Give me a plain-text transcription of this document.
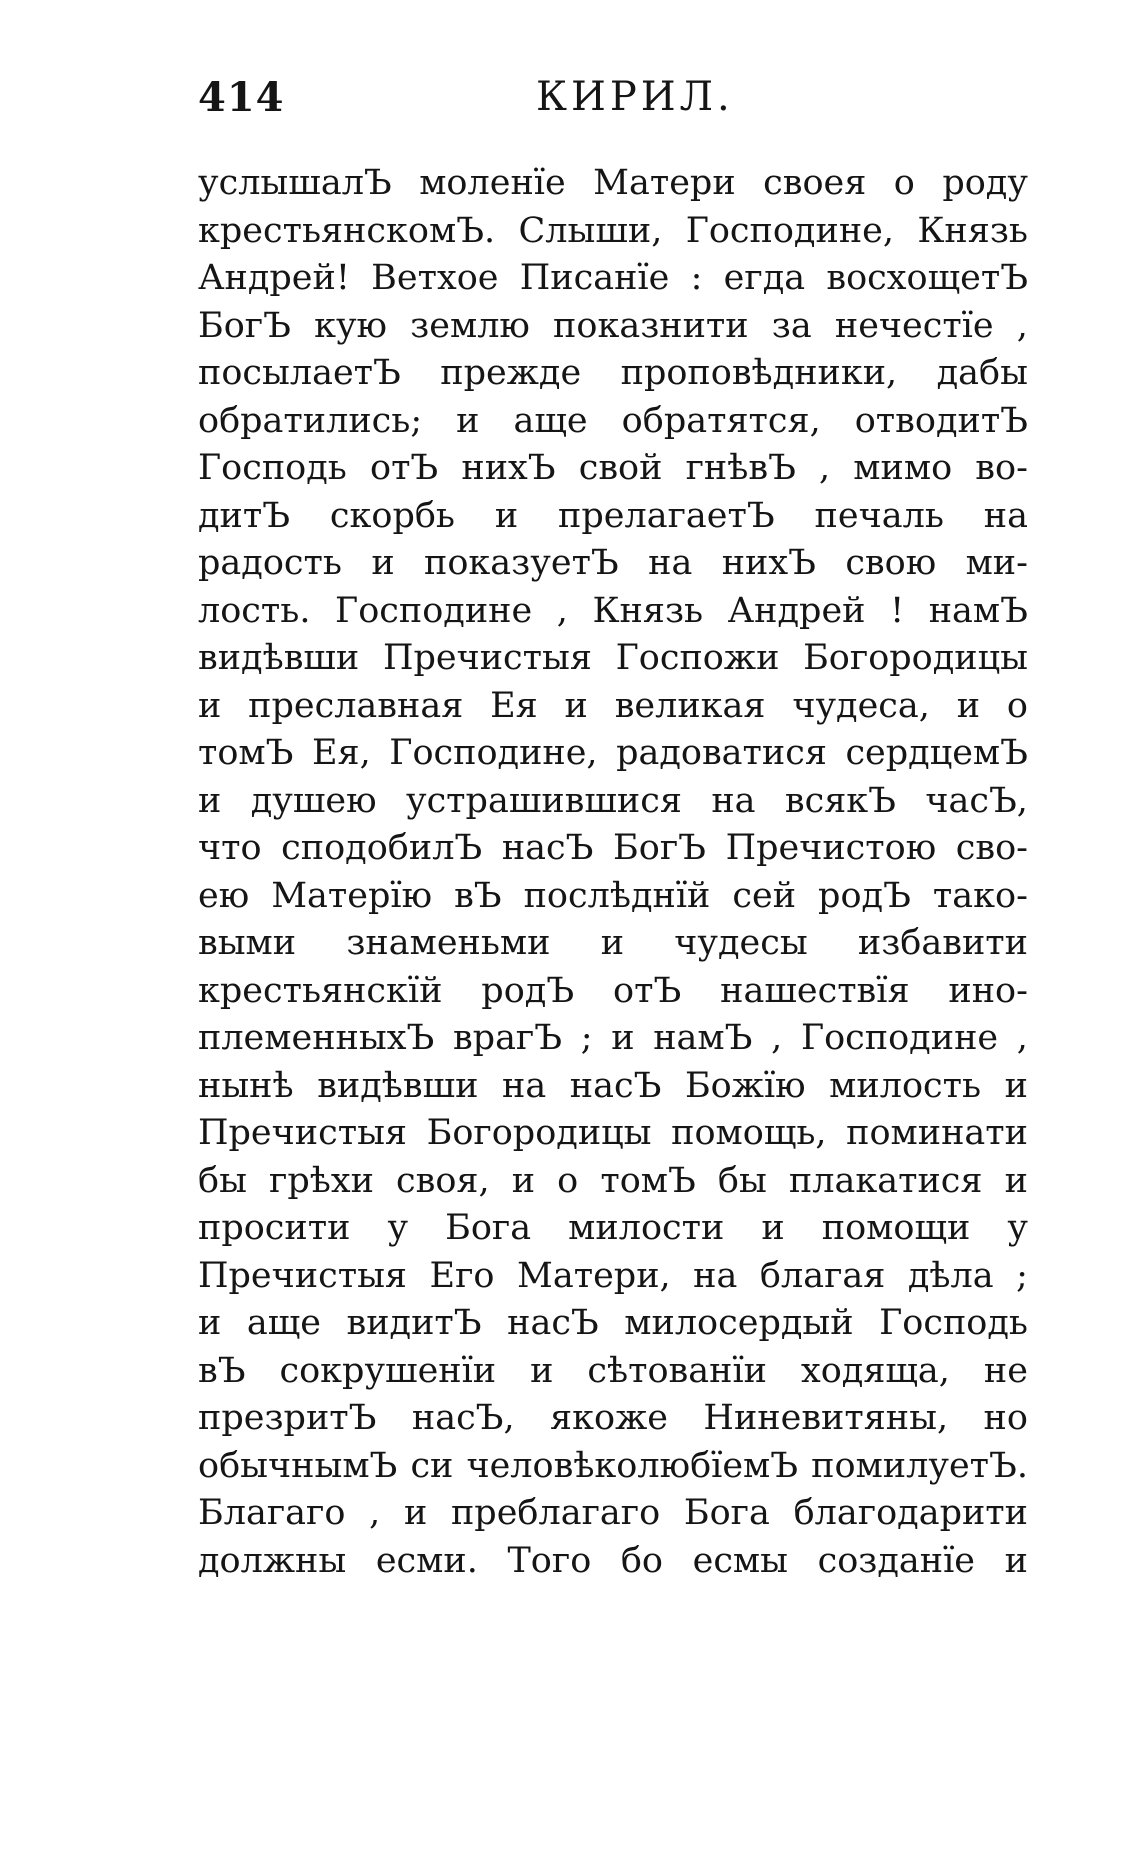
414	КИРИЛ.
услышалЪ моленїе Матери своея о роду
крестьянскомЪ. Слыши, Господине, Князь
Андрей! Ветхое Писанїе : егда восхощетЪ
БогЪ кую землю показнити за нечестїе ,
посылаетЪ прежде проповѣдники, дабы
обратились; и аще обратятся, отводитЪ
Господь отЪ нихЪ свой гнѣвЪ , мимо во-
дитЪ скорбь и прелагаетЪ печаль на
радость и показуетЪ на нихЪ свою ми-
лость. Господине , Князь Андрей ! намЪ
видѣвши Пречистыя Госпожи Богородицы
и преславная Ея и великая чудеса, и о
томЪ Ея, Господине, радоватися сердцемЪ
и душею устрашившися на всякЪ часЪ,
что сподобилЪ насЪ БогЪ Пречистою сво-
ею Матерїю вЪ послѣднїй сей родЪ тако-
выми знаменьми и чудесы избавити
крестьянскїй родЪ отЪ нашествїя ино-
племенныхЪ врагЪ ; и намЪ , Господине ,
нынѣ видѣвши на насЪ Божїю милость и
Пречистыя Богородицы помощь, поминати
бы грѣхи своя, и о томЪ бы плакатися и
просити у Бога милости и помощи у
Пречистыя Его Матери, на благая дѣла ;
и аще видитЪ насЪ милосердый Господь
вЪ сокрушенїи и сѣтованїи ходяща, не
презритЪ насЪ, якоже Ниневитяны, но
обычнымЪ си человѣколюбїемЪ помилуетЪ.
Благаго , и преблагаго Бога благодарити
должны есми. Того бо есмы созданїе и
